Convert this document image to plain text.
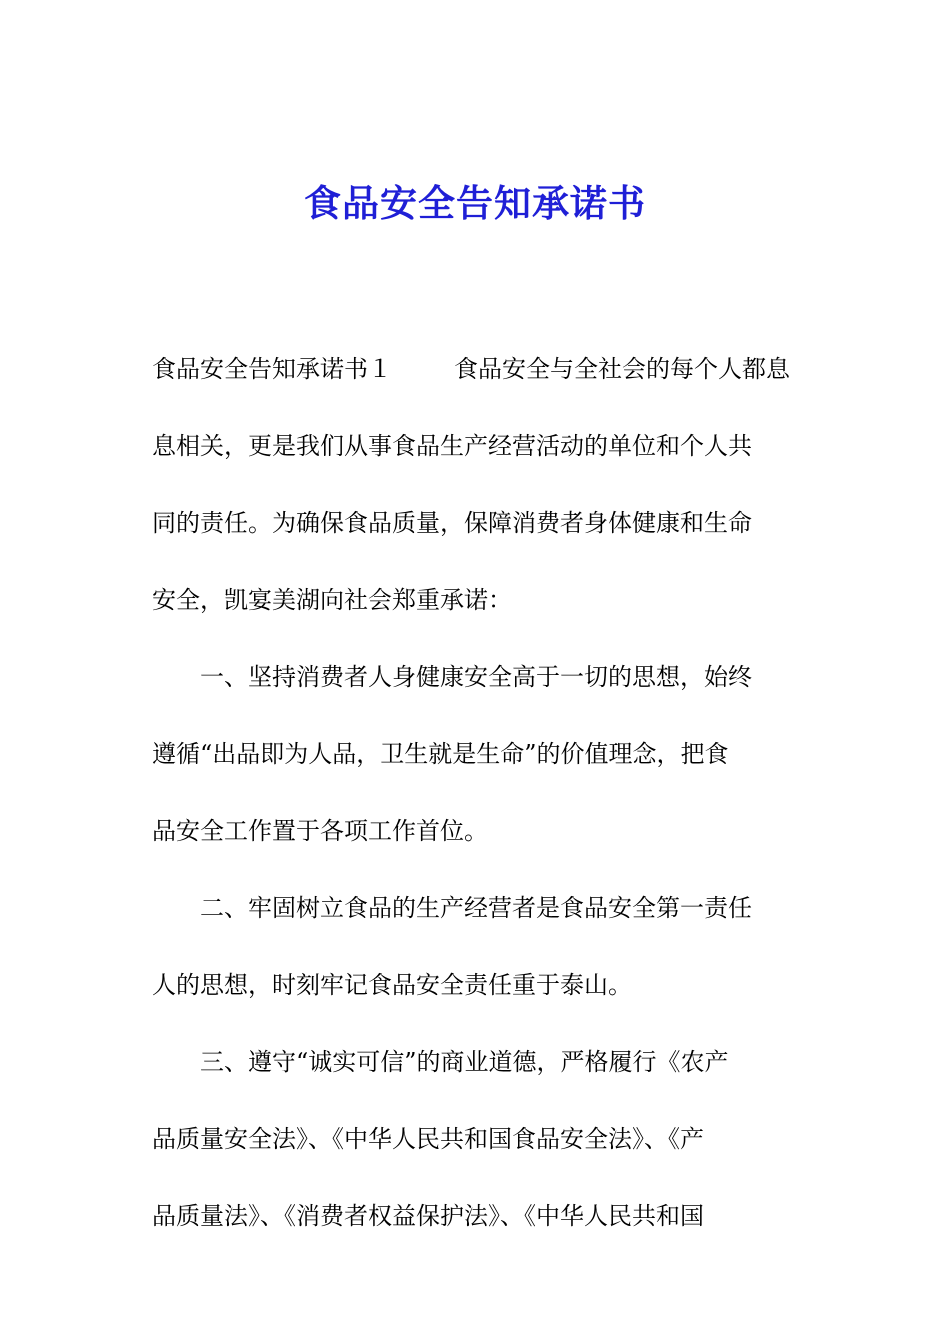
食品安全告知承诺书
食品安全告知承诺书１	食品安全与全社会的每个人都息
息相关，更是我们从事食品生产经营活动的单位和个人共
同的责任。为确保食品质量，保障消费者身体健康和生命
安全，凯宴美湖向社会郑重承诺：
一、坚持消费者人身健康安全高于一切的思想，始终
遵循“出品即为人品，卫生就是生命”的价值理念，把食
品安全工作置于各项工作首位。
二、牢固树立食品的生产经营者是食品安全第一责任
人的思想，时刻牢记食品安全责任重于泰山。
三、遵守“诚实可信”的商业道德，严格履行《农产
品质量安全法》、《中华人民共和国食品安全法》、《产
品质量法》、《消费者权益保护法》、《中华人民共和国
